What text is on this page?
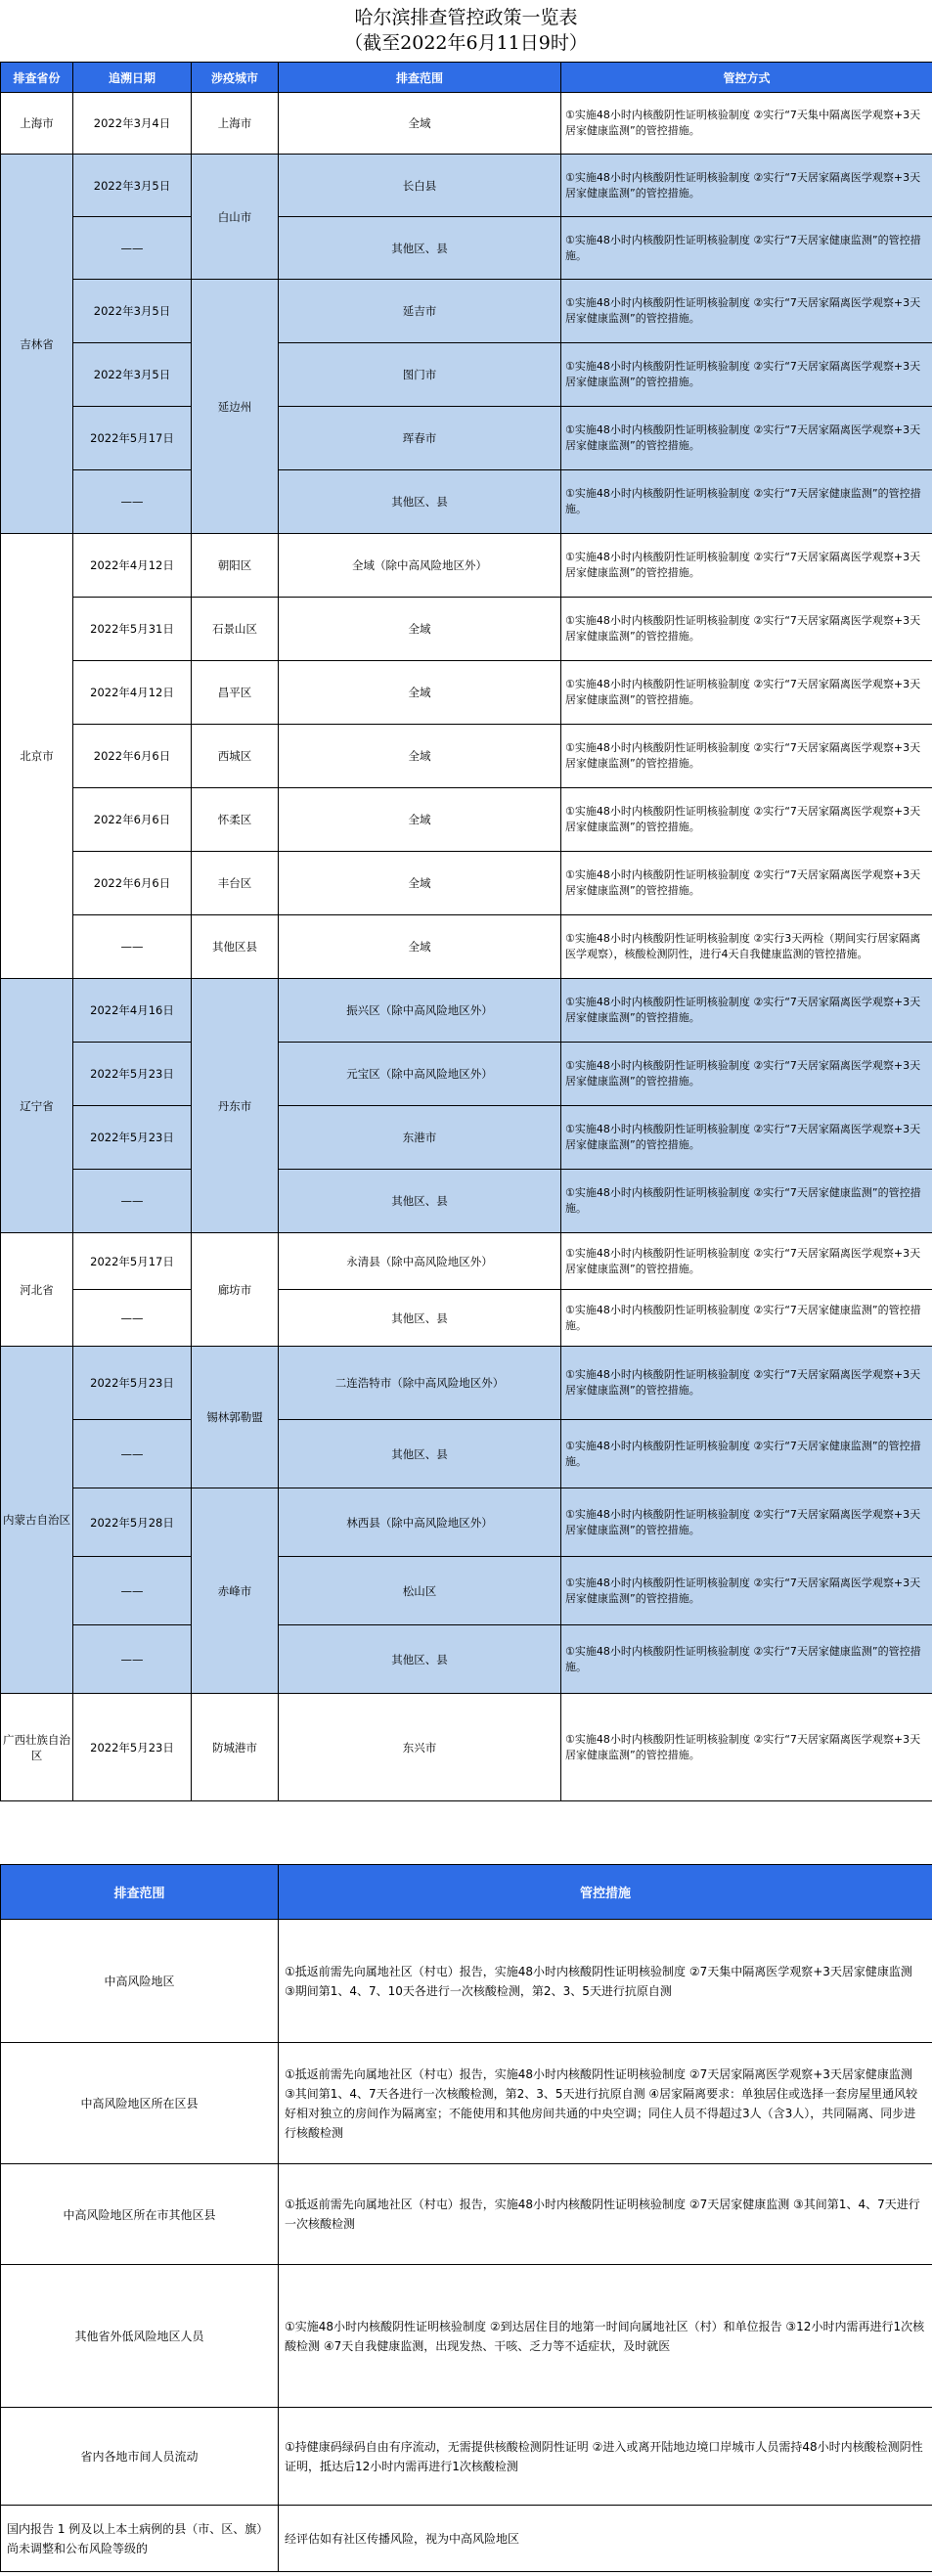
哈尔滨排查管控政策一览表
（截至2022年6月11日9时）
排查省份	追溯日期	涉疫城市	排查范围	管控方式
上海市	2022年3月4日	上海市	全域	①实施48小时内核酸阴性证明核验制度 ②实行“7天集中隔离医学观察+3天居家健康监测”的管控措施。
吉林省	2022年3月5日	白山市	长白县	①实施48小时内核酸阴性证明核验制度 ②实行“7天居家隔离医学观察+3天居家健康监测”的管控措施。
	——		其他区、县	①实施48小时内核酸阴性证明核验制度 ②实行“7天居家健康监测”的管控措施。
	2022年3月5日	延边州	延吉市	①实施48小时内核酸阴性证明核验制度 ②实行“7天居家隔离医学观察+3天居家健康监测”的管控措施。
	2022年3月5日		图门市	①实施48小时内核酸阴性证明核验制度 ②实行“7天居家隔离医学观察+3天居家健康监测”的管控措施。
	2022年5月17日		珲春市	①实施48小时内核酸阴性证明核验制度 ②实行“7天居家隔离医学观察+3天居家健康监测”的管控措施。
	——		其他区、县	①实施48小时内核酸阴性证明核验制度 ②实行“7天居家健康监测”的管控措施。
北京市	2022年4月12日	朝阳区	全域（除中高风险地区外）	①实施48小时内核酸阴性证明核验制度 ②实行“7天居家隔离医学观察+3天居家健康监测”的管控措施。
	2022年5月31日	石景山区	全域	①实施48小时内核酸阴性证明核验制度 ②实行“7天居家隔离医学观察+3天居家健康监测”的管控措施。
	2022年4月12日	昌平区	全域	①实施48小时内核酸阴性证明核验制度 ②实行“7天居家隔离医学观察+3天居家健康监测”的管控措施。
	2022年6月6日	西城区	全域	①实施48小时内核酸阴性证明核验制度 ②实行“7天居家隔离医学观察+3天居家健康监测”的管控措施。
	2022年6月6日	怀柔区	全域	①实施48小时内核酸阴性证明核验制度 ②实行“7天居家隔离医学观察+3天居家健康监测”的管控措施。
	2022年6月6日	丰台区	全域	①实施48小时内核酸阴性证明核验制度 ②实行“7天居家隔离医学观察+3天居家健康监测”的管控措施。
	——	其他区县	全域	①实施48小时内核酸阴性证明核验制度 ②实行3天两检（期间实行居家隔离医学观察），核酸检测阴性，进行4天自我健康监测的管控措施。
辽宁省	2022年4月16日	丹东市	振兴区（除中高风险地区外）	①实施48小时内核酸阴性证明核验制度 ②实行“7天居家隔离医学观察+3天居家健康监测”的管控措施。
	2022年5月23日		元宝区（除中高风险地区外）	①实施48小时内核酸阴性证明核验制度 ②实行“7天居家隔离医学观察+3天居家健康监测”的管控措施。
	2022年5月23日		东港市	①实施48小时内核酸阴性证明核验制度 ②实行“7天居家隔离医学观察+3天居家健康监测”的管控措施。
	——		其他区、县	①实施48小时内核酸阴性证明核验制度 ②实行“7天居家健康监测”的管控措施。
河北省	2022年5月17日	廊坊市	永清县（除中高风险地区外）	①实施48小时内核酸阴性证明核验制度 ②实行“7天居家隔离医学观察+3天居家健康监测”的管控措施。
	——		其他区、县	①实施48小时内核酸阴性证明核验制度 ②实行“7天居家健康监测”的管控措施。
内蒙古自治区	2022年5月23日	锡林郭勒盟	二连浩特市（除中高风险地区外）	①实施48小时内核酸阴性证明核验制度 ②实行“7天居家隔离医学观察+3天居家健康监测”的管控措施。
	——		其他区、县	①实施48小时内核酸阴性证明核验制度 ②实行“7天居家健康监测”的管控措施。
	2022年5月28日	赤峰市	林西县（除中高风险地区外）	①实施48小时内核酸阴性证明核验制度 ②实行“7天居家隔离医学观察+3天居家健康监测”的管控措施。
	——		松山区	①实施48小时内核酸阴性证明核验制度 ②实行“7天居家隔离医学观察+3天居家健康监测”的管控措施。
	——		其他区、县	①实施48小时内核酸阴性证明核验制度 ②实行“7天居家健康监测”的管控措施。
广西壮族自治区	2022年5月23日	防城港市	东兴市	①实施48小时内核酸阴性证明核验制度 ②实行“7天居家隔离医学观察+3天居家健康监测”的管控措施。
排查范围	管控措施
中高风险地区	①抵返前需先向属地社区（村屯）报告，实施48小时内核酸阴性证明核验制度 ②7天集中隔离医学观察+3天居家健康监测 ③期间第1、4、7、10天各进行一次核酸检测，第2、3、5天进行抗原自测
中高风险地区所在区县	①抵返前需先向属地社区（村屯）报告，实施48小时内核酸阴性证明核验制度 ②7天居家隔离医学观察+3天居家健康监测 ③其间第1、4、7天各进行一次核酸检测，第2、3、5天进行抗原自测 ④居家隔离要求：单独居住或选择一套房屋里通风较好相对独立的房间作为隔离室；不能使用和其他房间共通的中央空调；同住人员不得超过3人（含3人），共同隔离、同步进行核酸检测
中高风险地区所在市其他区县	①抵返前需先向属地社区（村屯）报告，实施48小时内核酸阴性证明核验制度 ②7天居家健康监测 ③其间第1、4、7天进行一次核酸检测
其他省外低风险地区人员	①实施48小时内核酸阴性证明核验制度 ②到达居住目的地第一时间向属地社区（村）和单位报告 ③12小时内需再进行1次核酸检测 ④7天自我健康监测，出现发热、干咳、乏力等不适症状，及时就医
省内各地市间人员流动	①持健康码绿码自由有序流动，无需提供核酸检测阴性证明 ②进入或离开陆地边境口岸城市人员需持48小时内核酸检测阴性证明，抵达后12小时内需再进行1次核酸检测
国内报告 1 例及以上本土病例的县（市、区、旗）尚未调整和公布风险等级的	经评估如有社区传播风险，视为中高风险地区
